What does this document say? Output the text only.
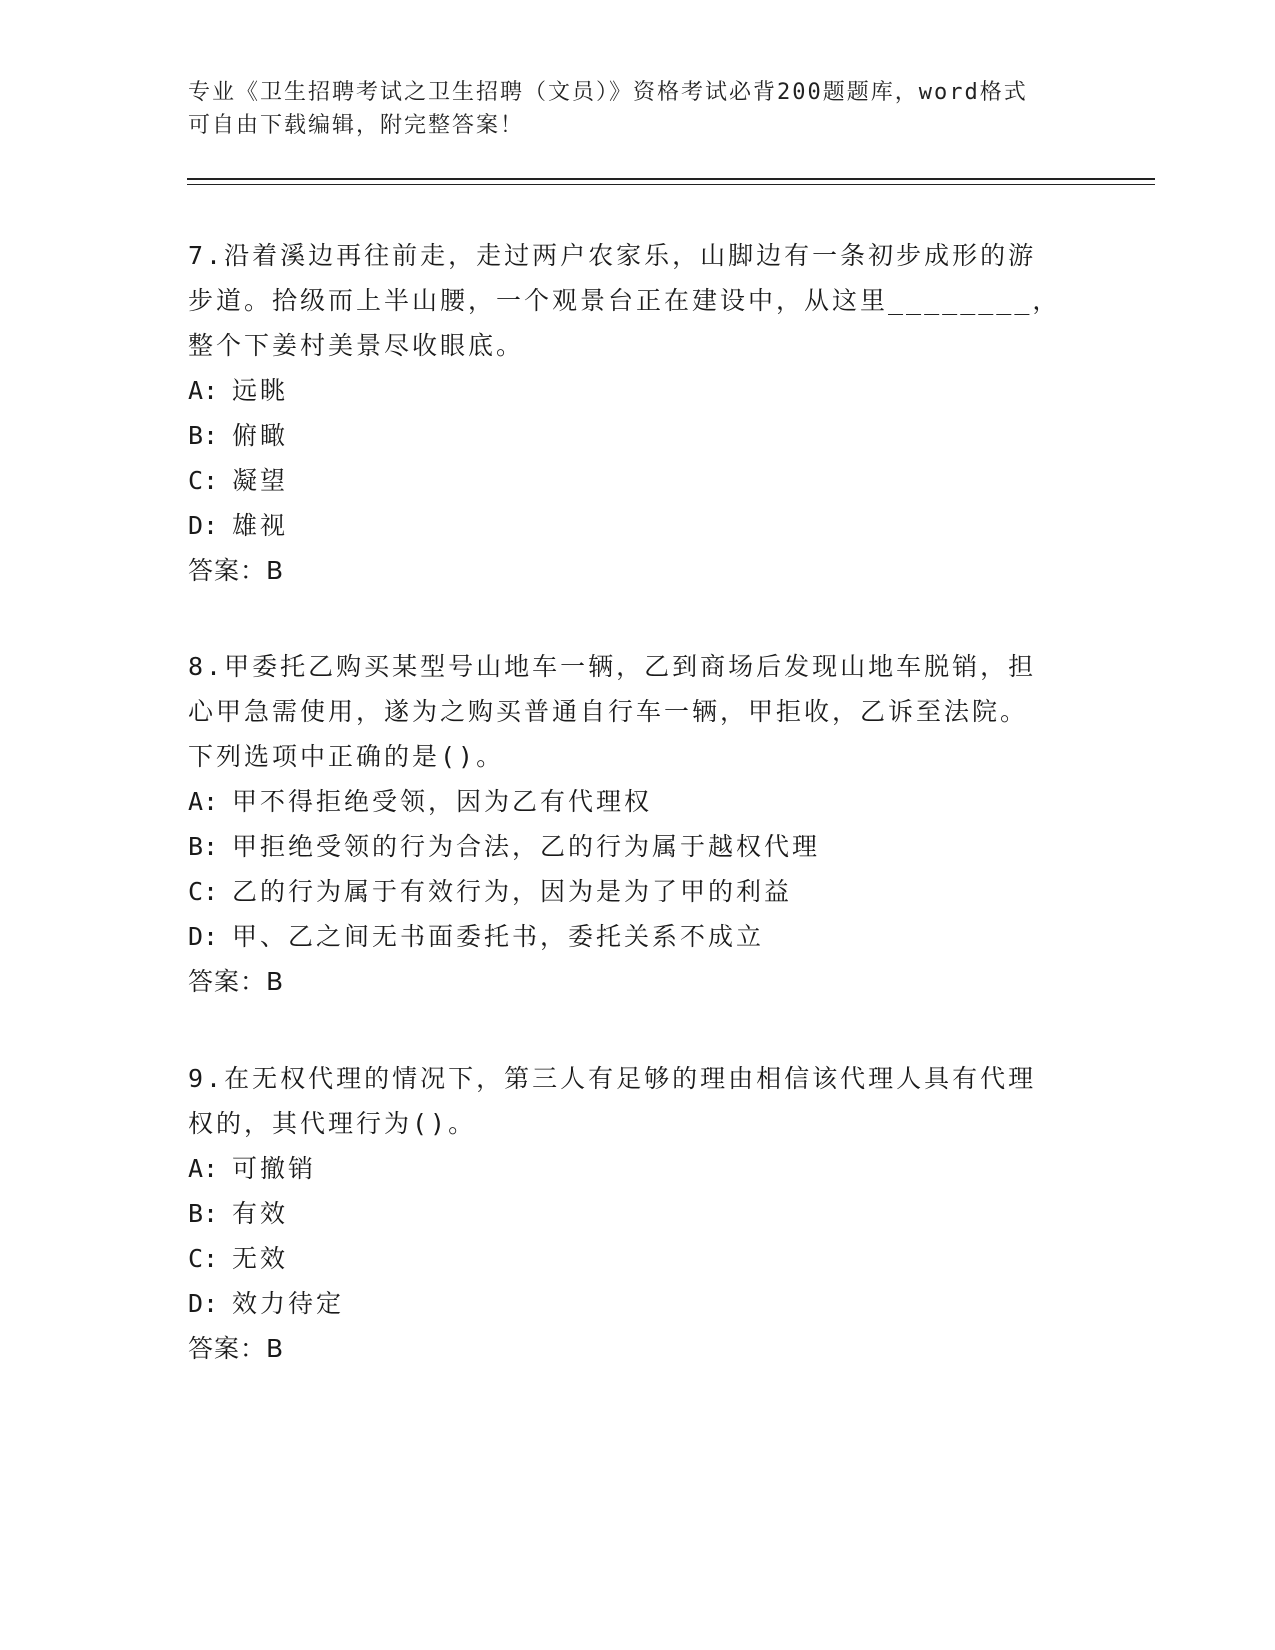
专业《卫生招聘考试之卫生招聘（文员）》资格考试必背200题题库，word格式
可自由下载编辑，附完整答案！
7.沿着溪边再往前走，走过两户农家乐，山脚边有一条初步成形的游
步道。拾级而上半山腰，一个观景台正在建设中，从这里________，
整个下姜村美景尽收眼底。
A: 远眺
B: 俯瞰
C: 凝望
D: 雄视
答案：B
8.甲委托乙购买某型号山地车一辆，乙到商场后发现山地车脱销，担
心甲急需使用，遂为之购买普通自行车一辆，甲拒收，乙诉至法院。
下列选项中正确的是()。
A: 甲不得拒绝受领，因为乙有代理权
B: 甲拒绝受领的行为合法，乙的行为属于越权代理
C: 乙的行为属于有效行为，因为是为了甲的利益
D: 甲、乙之间无书面委托书，委托关系不成立
答案：B
9.在无权代理的情况下，第三人有足够的理由相信该代理人具有代理
权的，其代理行为()。
A: 可撤销
B: 有效
C: 无效
D: 效力待定
答案：B
